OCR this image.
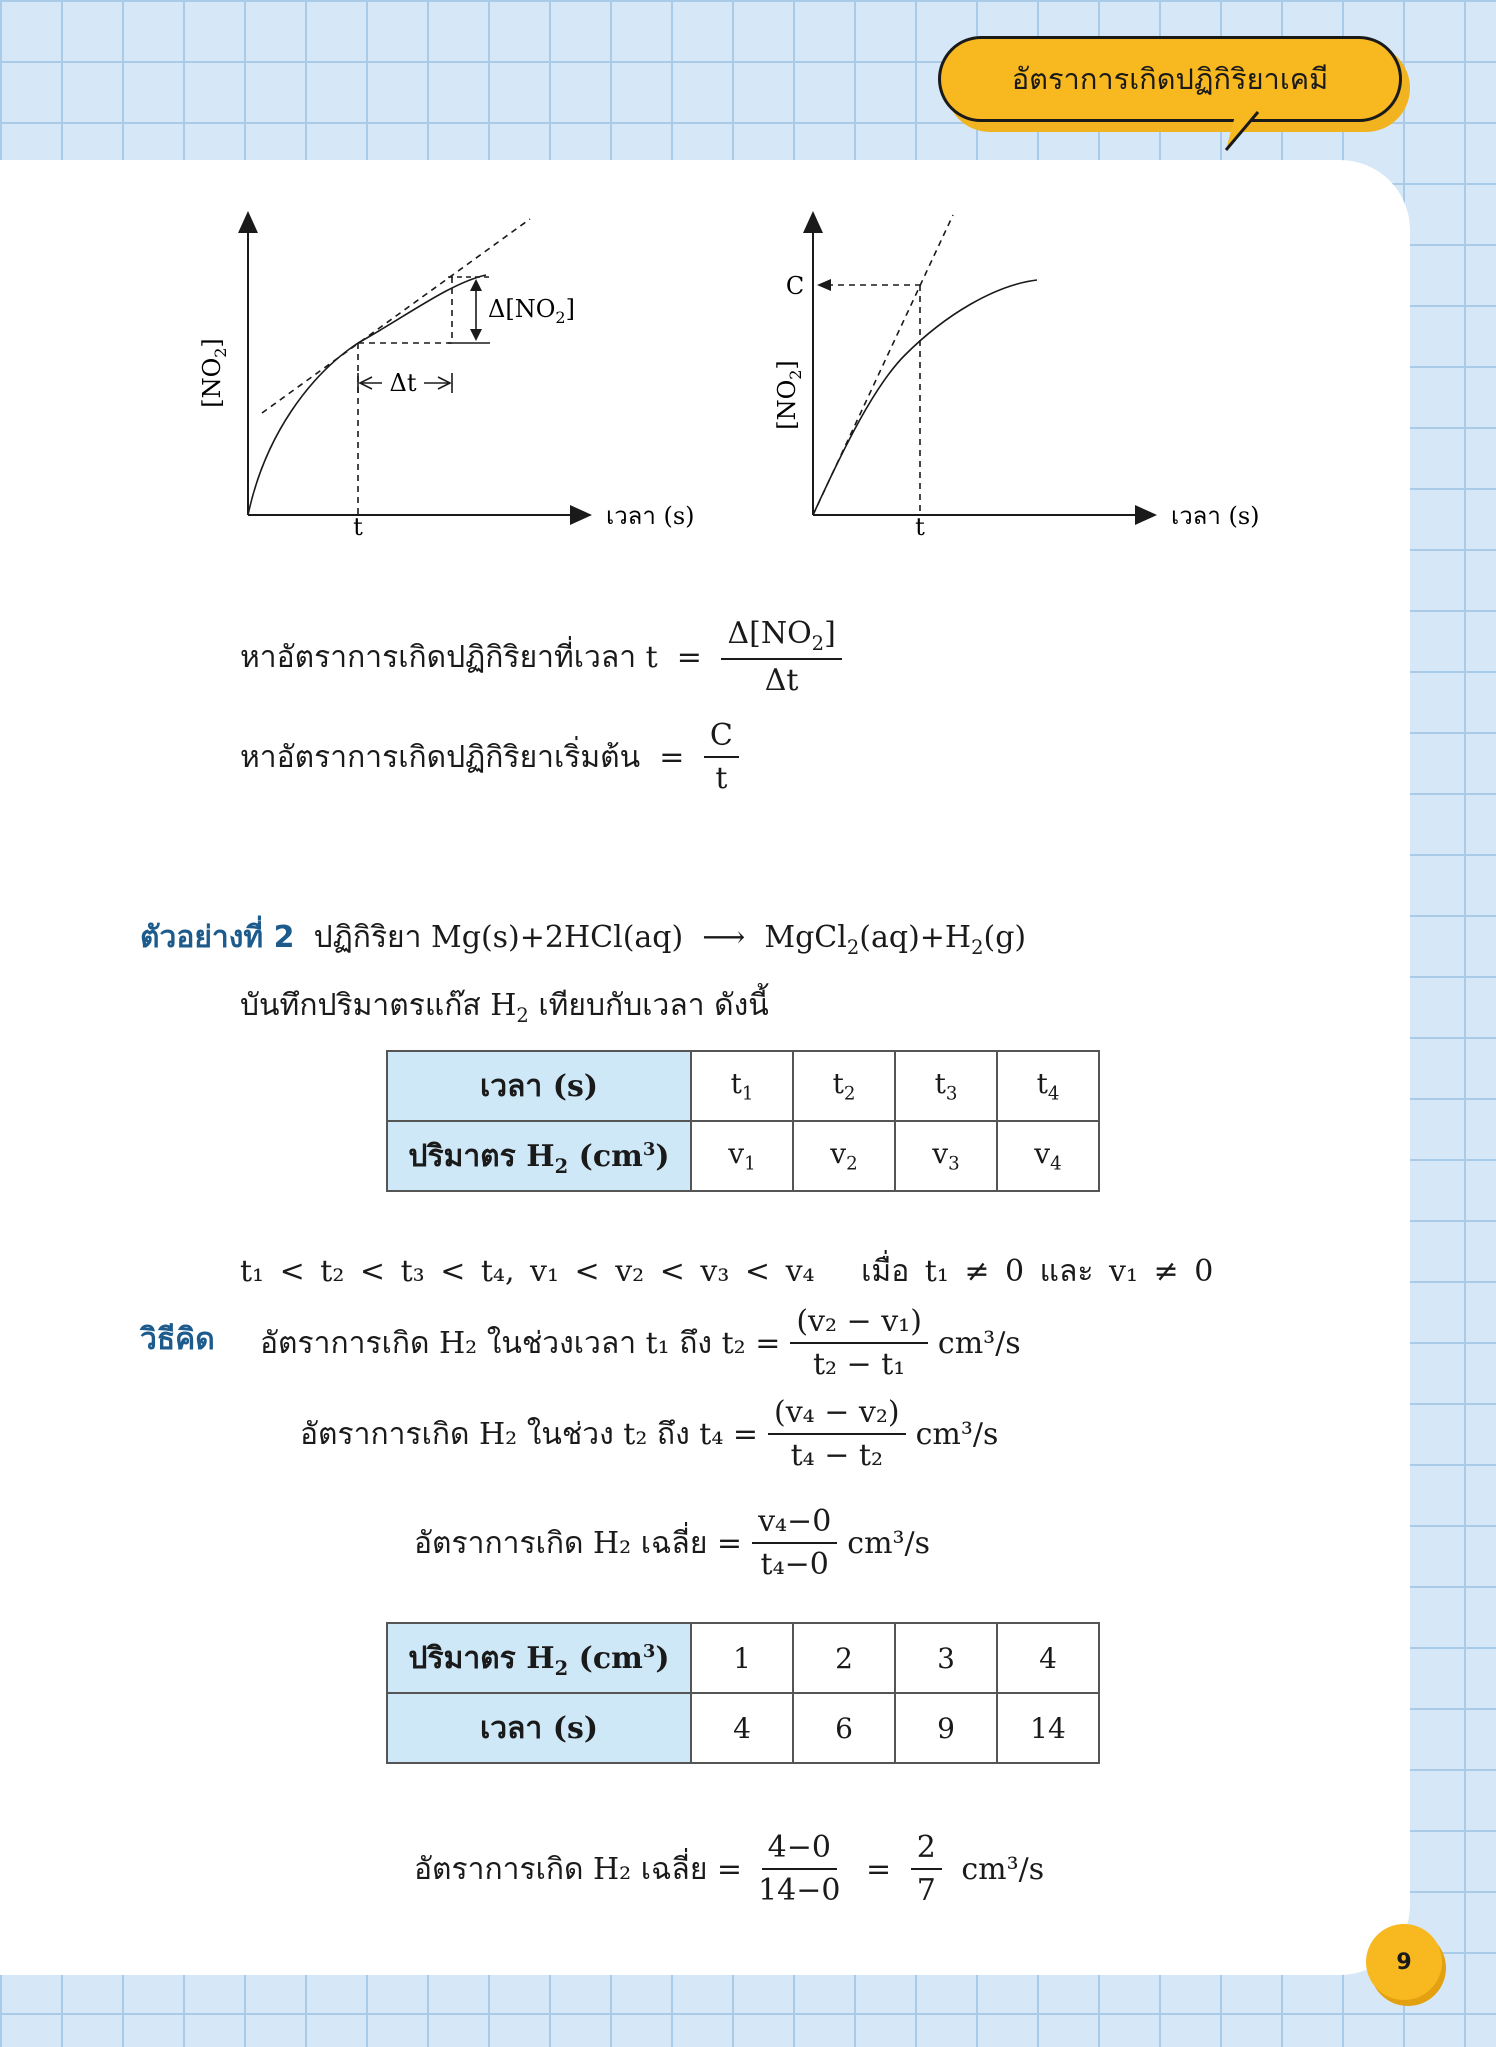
อัตราการเกิดปฏิกิริยาเคมี
Δt
$\Delta[NO_2]$
$[NO_2]$
t	เวลา (s)
C
$[NO_2]$
t	เวลา (s)
หาอัตราการเกิดปฏิกิริยาที่เวลา
$t = \frac{\Delta[NO_2]}{\Delta t}$
หาอัตราการเกิดปฏิกิริยาเริ่มต้น = $\frac{C}{t}$
ตัวอย่างที่ 2 ปฏิกิริยา Mg(s)+2HCl(aq) ⟶ $MgCl_2(aq)+H_2(g)$
บันทึกปริมาตรแก๊ส $H_2$ เทียบกับเวลา ดังนี้
เวลา (s)	$t_1$	$t_2$	$t_3$	$t_4$
ปริมาตร $H_2$ $(cm^3)$	$v_1$	$v_2$	$v_3$	$v_4$
t₁ < t₂ < t₃ < t₄, v₁ < v₂ < v₃ < v₄ เมื่อ t₁ ≠ 0 และ v₁ ≠ 0
วิธีคิด อัตราการเกิด H₂ ในช่วงเวลา t₁ ถึง $t_2 = \frac{\text{(v₂ − v₁)}}{\text{t₂ − t₁}} cm^3/s$
อัตราการเกิด H₂ ในช่วง t₂ ถึง $t_4 = \frac{\text{(v₄ − v₂)}}{\text{t₄ − t₂}} cm^3/s$
อัตราการเกิด H₂ เฉลี่ย = $\frac{\text{v₄−0}}{\text{t₄−0}} cm^3/s$
ปริมาตร $H_2$ $(cm^3)$	1	2	3	4
เวลา (s)	4	6	9	14
อัตราการเกิด H₂ เฉลี่ย = $\frac{4-0}{14-0}$
=
$\frac{2}{7}$
cm³/s
9
